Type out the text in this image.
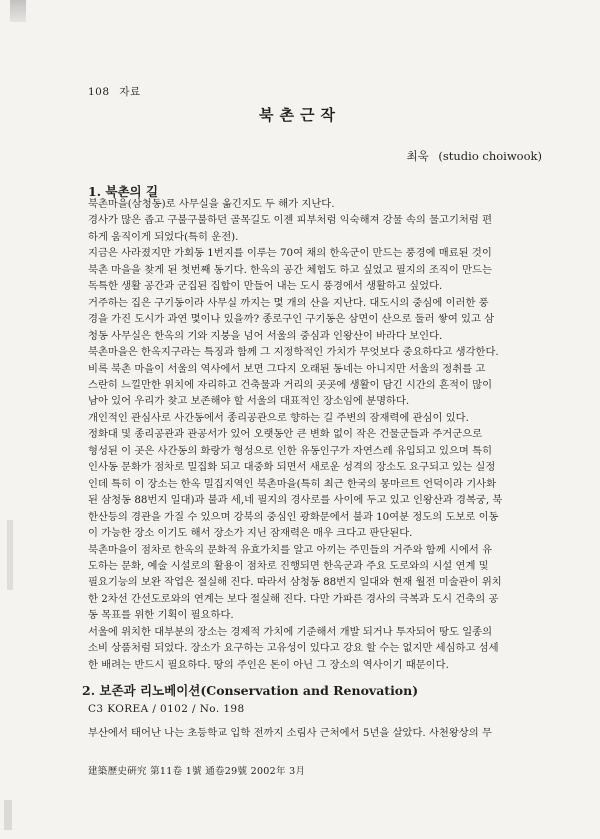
108 자료
북촌근작
최욱 (studio choiwook)
1. 북촌의 길

북촌마을(삼청동)로 사무실을 옮긴지도 두 해가 지난다.

경사가 많은 좁고 구불구불하던 골목길도 이젠 피부처럼 익숙해져 강물 속의 물고기처럼 편

하게 움직이게 되었다(특히 운전).

지금은 사라졌지만 가회동 1번지를 이루는 70여 채의 한옥군이 만드는 풍경에 매료된 것이

북촌 마을을 찾게 된 첫번째 동기다. 한옥의 공간 체험도 하고 싶었고 필지의 조직이 만드는

독특한 생활 공간과 군집된 집합이 만들어 내는 도시 풍경에서 생활하고 싶었다.

거주하는 집은 구기동이라 사무실 까지는 몇 개의 산을 지난다. 대도시의 중심에 이러한 풍

경을 가진 도시가 과연 몇이나 있을까? 종로구인 구기동은 삼면이 산으로 둘러 쌓여 있고 삼

청동 사무실은 한옥의 기와 지붕을 넘어 서울의 중심과 인왕산이 바라다 보인다.

북촌마을은 한옥지구라는 특징과 함께 그 지정학적인 가치가 무엇보다 중요하다고 생각한다.

비록 북촌 마을이 서울의 역사에서 보면 그다지 오래된 동네는 아니지만 서울의 정취를 고

스란히 느낄만한 위치에 자리하고 건축물과 거리의 곳곳에 생활이 담긴 시간의 흔적이 많이

남아 있어 우리가 찾고 보존해야 할 서울의 대표적인 장소임에 분명하다.

개인적인 관심사로 사간동에서 종리공관으로 향하는 길 주변의 잠재력에 관심이 있다.

정화대 및 종리공관과 관공서가 있어 오랫동안 큰 변화 없이 작은 건물군들과 주거군으로

형성된 이 곳은 사간동의 화랑가 형성으로 인한 유동인구가 자연스레 유입되고 있으며 특히

인사동 문화가 점차로 밀집화 되고 대중화 되면서 새로운 성격의 장소도 요구되고 있는 실정

인데 특히 이 장소는 한옥 밀집지역인 북촌마을(특히 최근 한국의 몽마르트 언덕이라 기사화

된 삼청동 88번지 일대)과 불과 세,네 필지의 경사로를 사이에 두고 있고 인왕산과 경복궁, 북

한산등의 경관을 가질 수 있으며 강북의 중심인 광화문에서 불과 10여분 정도의 도보로 이동

이 가능한 장소 이기도 해서 장소가 지닌 잠재력은 매우 크다고 판단된다.

북촌마을이 점차로 한옥의 문화적 유효가치를 알고 아끼는 주민들의 거주와 함께 시에서 유

도하는 문화, 예술 시설로의 활용이 점차로 진행되면 한옥군과 주요 도로와의 시설 연계 및

필요기능의 보완 작업은 절실해 진다. 따라서 삼청동 88번지 일대와 현재 월전 미술관이 위치

한 2차선 간선도로와의 연계는 보다 절실해 진다. 다만 가파른 경사의 극복과 도시 건축의 공

동 목표를 위한 기획이 필요하다.

서울에 위치한 대부분의 장소는 경제적 가치에 기준해서 개발 되거나 투자되어 땅도 일종의

소비 상품처럼 되었다. 장소가 요구하는 고유성이 있다고 강요 할 수는 없지만 세심하고 섬세

한 배려는 반드시 필요하다. 땅의 주인은 돈이 아닌 그 장소의 역사이기 때문이다.

2. 보존과 리노베이션(Conservation and Renovation)
C3 KOREA / 0102 / No. 198
부산에서 태어난 나는 초등학교 입학 전까지 소림사 근처에서 5년을 살았다. 사천왕상의 무
建築歷史硏究 第11卷 1號 通卷29號 2002年 3月
